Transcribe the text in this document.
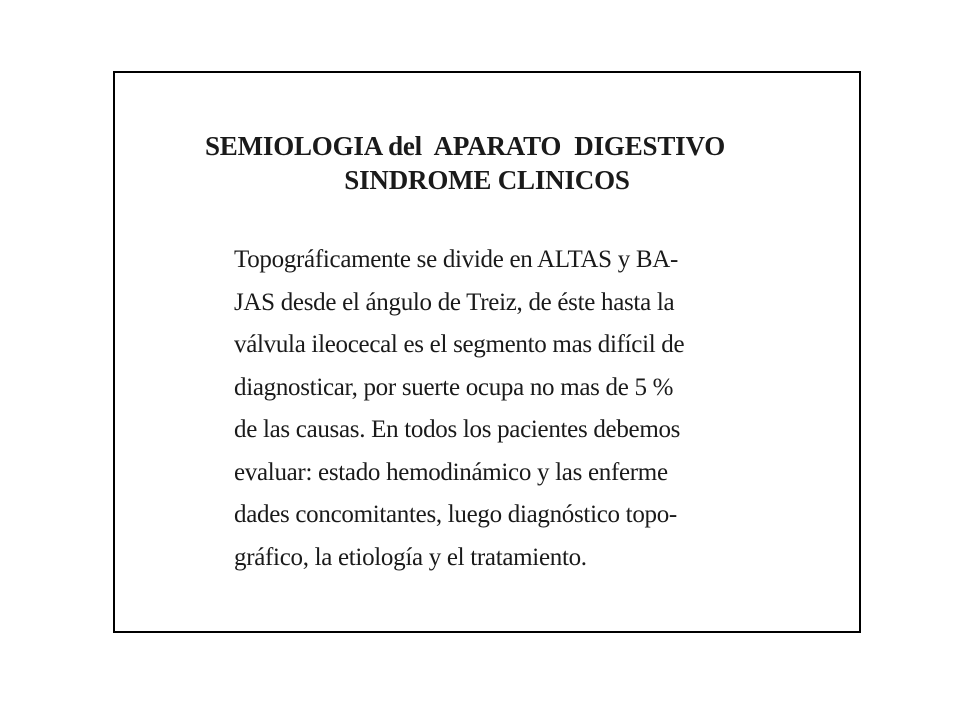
SEMIOLOGIA del  APARATO  DIGESTIVO
SINDROME CLINICOS
Topográficamente se divide en ALTAS y BA-
JAS desde el ángulo de Treiz, de éste hasta la
válvula ileocecal es el segmento mas difícil de
diagnosticar, por suerte ocupa no mas de 5 %
de las causas. En todos los pacientes debemos
evaluar: estado hemodinámico y las enferme
dades concomitantes, luego diagnóstico topo-
gráfico, la etiología y el tratamiento.
